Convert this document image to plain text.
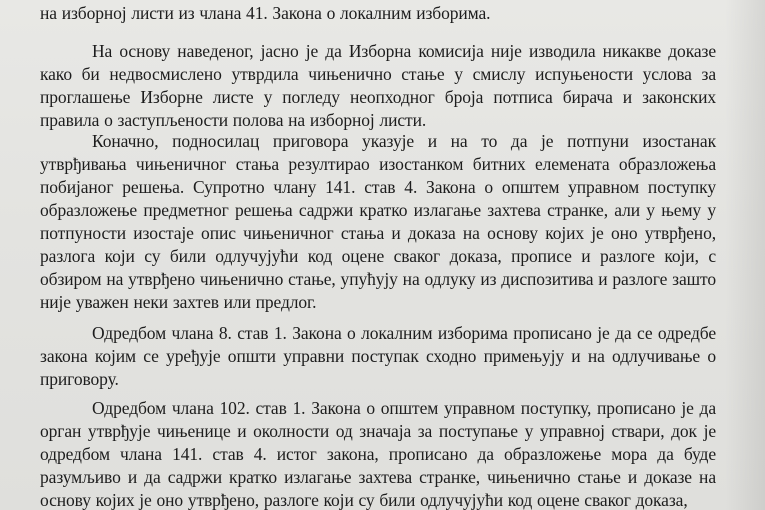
на изборној листи из члана 41. Закона о локалним изборима.

На основу наведеног, јасно је да Изборна комисија није изводила никакве доказе како би недвосмислено утврдила чињенично стање у смислу испуњености услова за проглашење Изборне листе у погледу неопходног броја потписа бирача и законских правила о заступљености полова на изборној листи.

Коначно, подносилац приговора указује и на то да је потпуни изостанак утврђивања чињеничног стања резултирао изостанком битних елемената образложења побијаног решења. Супротно члану 141. став 4. Закона о општем управном поступку образложење предметног решења садржи кратко излагање захтева странке, али у њему у потпуности изостаје опис чињеничног стања и доказа на основу којих је оно утврђено, разлога који су били одлучујући код оцене сваког доказа, прописе и разлоге који, с обзиром на утврђено чињенично стање, упућују на одлуку из диспозитива и разлоге зашто није уважен неки захтев или предлог.

Одредбом члана 8. став 1. Закона о локалним изборима прописано је да се одредбе закона којим се уређује општи управни поступак сходно примењују и на одлучивање о приговору.

Одредбом члана 102. став 1. Закона о општем управном поступку, прописано је да орган утврђује чињенице и околности од значаја за поступање у управној ствари, док је одредбом члана 141. став 4. истог закона, прописано да образложење мора да буде разумљиво и да садржи кратко излагање захтева странке, чињенично стање и доказе на основу којих је оно утврђено, разлоге који су били одлучујући код оцене сваког доказа,
